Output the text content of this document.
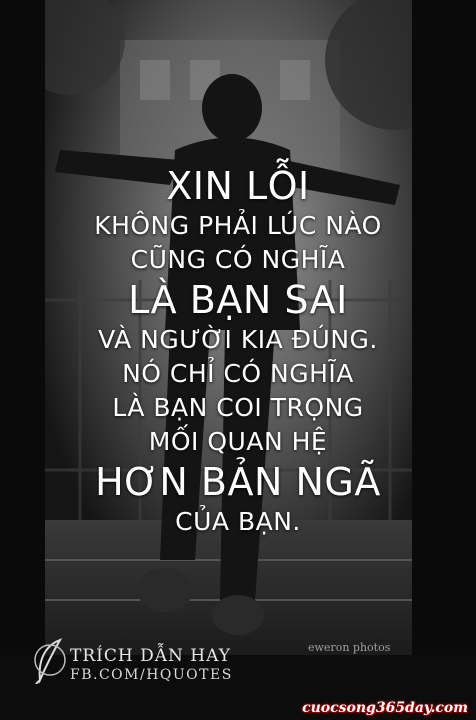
XIN LỖI
KHÔNG PHẢI LÚC NÀO
CŨNG CÓ NGHĨA
LÀ BẠN SAI
VÀ NGƯỜI KIA ĐÚNG.
NÓ CHỈ CÓ NGHĨA
LÀ BẠN COI TRỌNG
MỐI QUAN HỆ
HƠN BẢN NGÃ
CỦA BẠN.
TRÍCH DẪN HAY
FB.COM/HQUOTES
eweron photos
cuocsong365day.com
